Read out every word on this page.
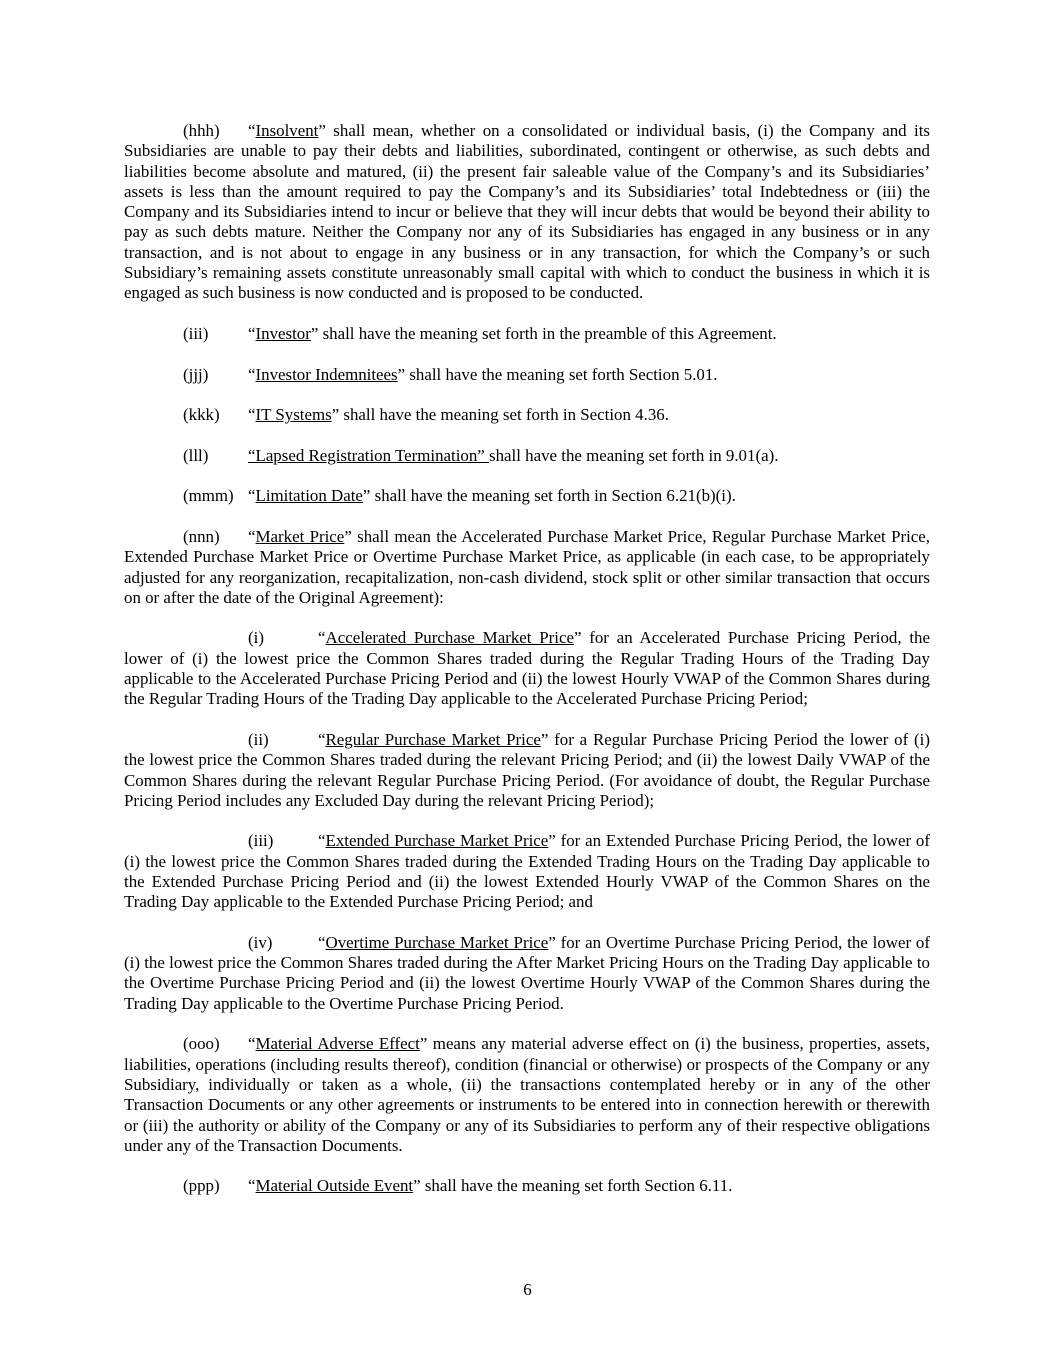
(hhh) “Insolvent” shall mean, whether on a consolidated or individual basis, (i) the Company and its Subsidiaries are unable to pay their debts and liabilities, subordinated, contingent or otherwise, as such debts and liabilities become absolute and matured, (ii) the present fair saleable value of the Company’s and its Subsidiaries’ assets is less than the amount required to pay the Company’s and its Subsidiaries’ total Indebtedness or (iii) the Company and its Subsidiaries intend to incur or believe that they will incur debts that would be beyond their ability to pay as such debts mature. Neither the Company nor any of its Subsidiaries has engaged in any business or in any transaction, and is not about to engage in any business or in any transaction, for which the Company’s or such Subsidiary’s remaining assets constitute unreasonably small capital with which to conduct the business in which it is engaged as such business is now conducted and is proposed to be conducted.

(iii) “Investor” shall have the meaning set forth in the preamble of this Agreement.

(jjj) “Investor Indemnitees” shall have the meaning set forth Section 5.01.

(kkk) “IT Systems” shall have the meaning set forth in Section 4.36.

(lll) “Lapsed Registration Termination” shall have the meaning set forth in 9.01(a).

(mmm) “Limitation Date” shall have the meaning set forth in Section 6.21(b)(i).

(nnn) “Market Price” shall mean the Accelerated Purchase Market Price, Regular Purchase Market Price, Extended Purchase Market Price or Overtime Purchase Market Price, as applicable (in each case, to be appropriately adjusted for any reorganization, recapitalization, non-cash dividend, stock split or other similar transaction that occurs on or after the date of the Original Agreement):

(i)	“Accelerated Purchase Market Price” for an Accelerated Purchase Pricing Period, the lower of (i) the lowest price the Common Shares traded during the Regular Trading Hours of the Trading Day applicable to the Accelerated Purchase Pricing Period and (ii) the lowest Hourly VWAP of the Common Shares during the Regular Trading Hours of the Trading Day applicable to the Accelerated Purchase Pricing Period;

(ii)	“Regular Purchase Market Price” for a Regular Purchase Pricing Period the lower of (i) the lowest price the Common Shares traded during the relevant Pricing Period; and (ii) the lowest Daily VWAP of the Common Shares during the relevant Regular Purchase Pricing Period. (For avoidance of doubt, the Regular Purchase Pricing Period includes any Excluded Day during the relevant Pricing Period);

(iii)	“Extended Purchase Market Price” for an Extended Purchase Pricing Period, the lower of (i) the lowest price the Common Shares traded during the Extended Trading Hours on the Trading Day applicable to the Extended Purchase Pricing Period and (ii) the lowest Extended Hourly VWAP of the Common Shares on the Trading Day applicable to the Extended Purchase Pricing Period; and

(iv)	“Overtime Purchase Market Price” for an Overtime Purchase Pricing Period, the lower of (i) the lowest price the Common Shares traded during the After Market Pricing Hours on the Trading Day applicable to the Overtime Purchase Pricing Period and (ii) the lowest Overtime Hourly VWAP of the Common Shares during the Trading Day applicable to the Overtime Purchase Pricing Period.

(ooo) “Material Adverse Effect” means any material adverse effect on (i) the business, properties, assets, liabilities, operations (including results thereof), condition (financial or otherwise) or prospects of the Company or any Subsidiary, individually or taken as a whole, (ii) the transactions contemplated hereby or in any of the other Transaction Documents or any other agreements or instruments to be entered into in connection herewith or therewith or (iii) the authority or ability of the Company or any of its Subsidiaries to perform any of their respective obligations under any of the Transaction Documents.

(ppp) “Material Outside Event” shall have the meaning set forth Section 6.11.

6
